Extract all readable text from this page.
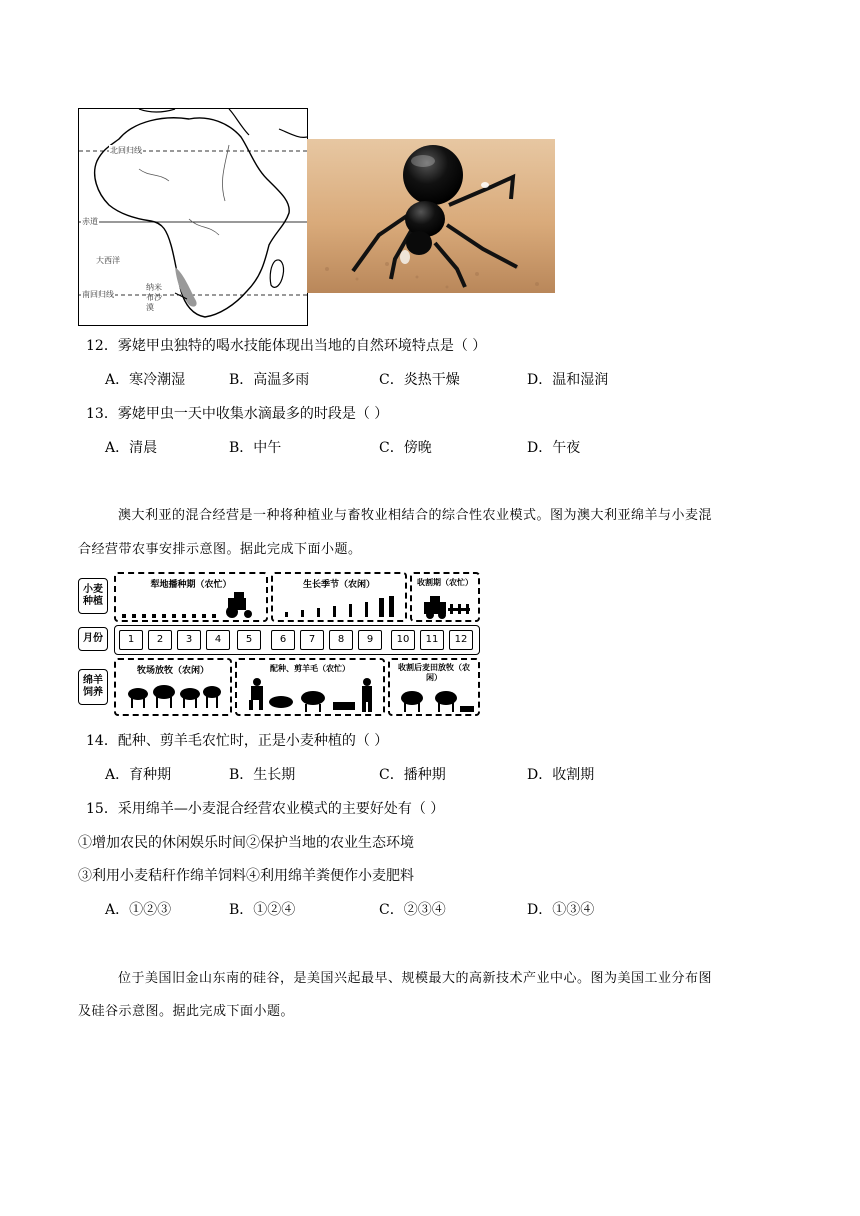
北回归线
赤道
大西洋
南回归线
纳米布沙漠
12．雾姥甲虫独特的喝水技能体现出当地的自然环境特点是（ ）
A．寒冷潮湿	B．高温多雨	C．炎热干燥	D．温和湿润
13．雾姥甲虫一天中收集水滴最多的时段是（ ）
A．清晨	B．中午	C．傍晚	D．午夜
澳大利亚的混合经营是一种将种植业与畜牧业相结合的综合性农业模式。图为澳大利亚绵羊与小麦混
合经营带农事安排示意图。据此完成下面小题。
小麦种植
月份
绵羊饲养
犁地播种期（农忙）	生长季节（农闲）	收割期（农忙）
1	2	3	4	5	6	7	8	9	10	11	12
牧场放牧（农闲）	配种、剪羊毛（农忙）	收割后麦田放牧（农闲）
14．配种、剪羊毛农忙时，正是小麦种植的（ ）
A．育种期	B．生长期	C．播种期	D．收割期
15．采用绵羊—小麦混合经营农业模式的主要好处有（ ）
①增加农民的休闲娱乐时间②保护当地的农业生态环境
③利用小麦秸秆作绵羊饲料④利用绵羊粪便作小麦肥料
A．①②③	B．①②④	C．②③④	D．①③④
位于美国旧金山东南的硅谷，是美国兴起最早、规模最大的高新技术产业中心。图为美国工业分布图
及硅谷示意图。据此完成下面小题。
